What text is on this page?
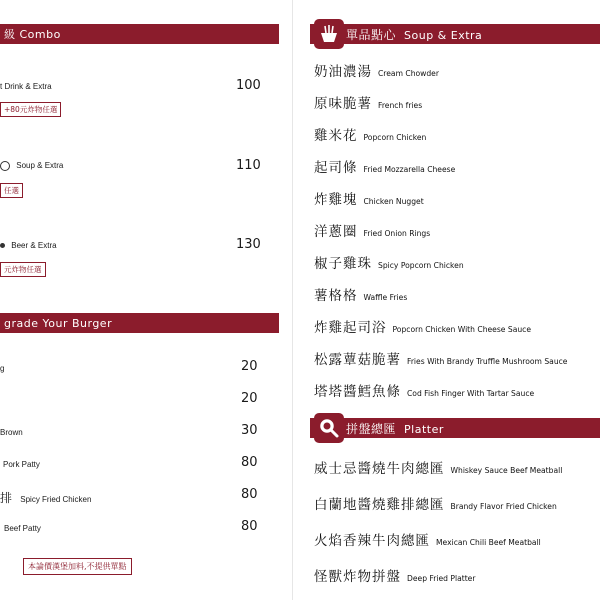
級 Combo
t Drink & Extra	100
+80元炸物任選
Soup & Extra	110
任選
Beer & Extra	130
元炸物任選
grade Your Burger
g	20
20
Brown	30
Pork Patty	80
排 Spicy Fried Chicken	80
Beef Patty	80
本論價漢堡加料,不提供單點
單品點心 Soup & Extra
奶油濃湯 Cream Chowder
原味脆薯 French fries
雞米花 Popcorn Chicken
起司條 Fried Mozzarella Cheese
炸雞塊 Chicken Nugget
洋蔥圈 Fried Onion Rings
椒子雞珠 Spicy Popcorn Chicken
薯格格 Waffle Fries
炸雞起司浴 Popcorn Chicken With Cheese Sauce
松露蕈菇脆薯 Fries With Brandy Truffle Mushroom Sauce
塔塔醬鱈魚條 Cod Fish Finger With Tartar Sauce
拼盤總匯 Platter
威士忌醬燒牛肉總匯 Whiskey Sauce Beef Meatball
白蘭地醬燒雞排總匯 Brandy Flavor Fried Chicken
火焰香辣牛肉總匯 Mexican Chili Beef Meatball
怪獸炸物拼盤 Deep Fried Platter
